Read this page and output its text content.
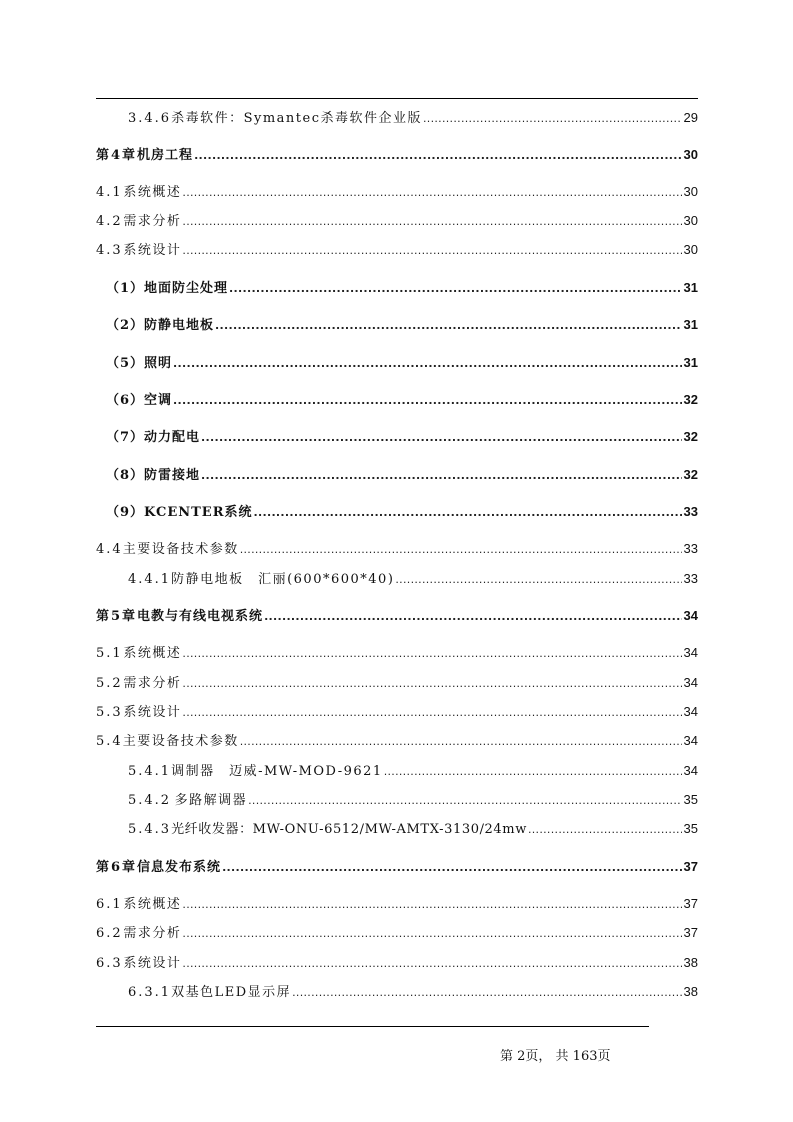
3.4.6 杀毒软件：Symantec杀毒软件企业版 .....	29
第4章 机房工程 .....	30
4.1 系统概述 .....	30
4.2 需求分析 .....	30
4.3 系统设计 .....	30
（1）地面防尘处理 .....	31
（2）防静电地板 .....	31
（5）照明 .....	31
（6）空调 .....	32
（7）动力配电 .....	32
（8）防雷接地 .....	32
（9）KCENTER系统 .....	33
4.4 主要设备技术参数 .....	33
4.4.1 防静电地板　汇丽(600*600*40) .....	33
第5章 电教与有线电视系统 .....	34
5.1 系统概述 .....	34
5.2 需求分析 .....	34
5.3 系统设计 .....	34
5.4 主要设备技术参数 .....	34
5.4.1 调制器　迈威-MW-MOD-9621 .....	34
5.4.2 多路解调器 .....	35
5.4.3 光纤收发器：MW-ONU-6512/MW-AMTX-3130/24mw .....	35
第6章 信息发布系统 .....	37
6.1 系统概述 .....	37
6.2 需求分析 .....	37
6.3 系统设计 .....	38
6.3.1 双基色LED显示屏 .....	38
第 2页， 共 163页
